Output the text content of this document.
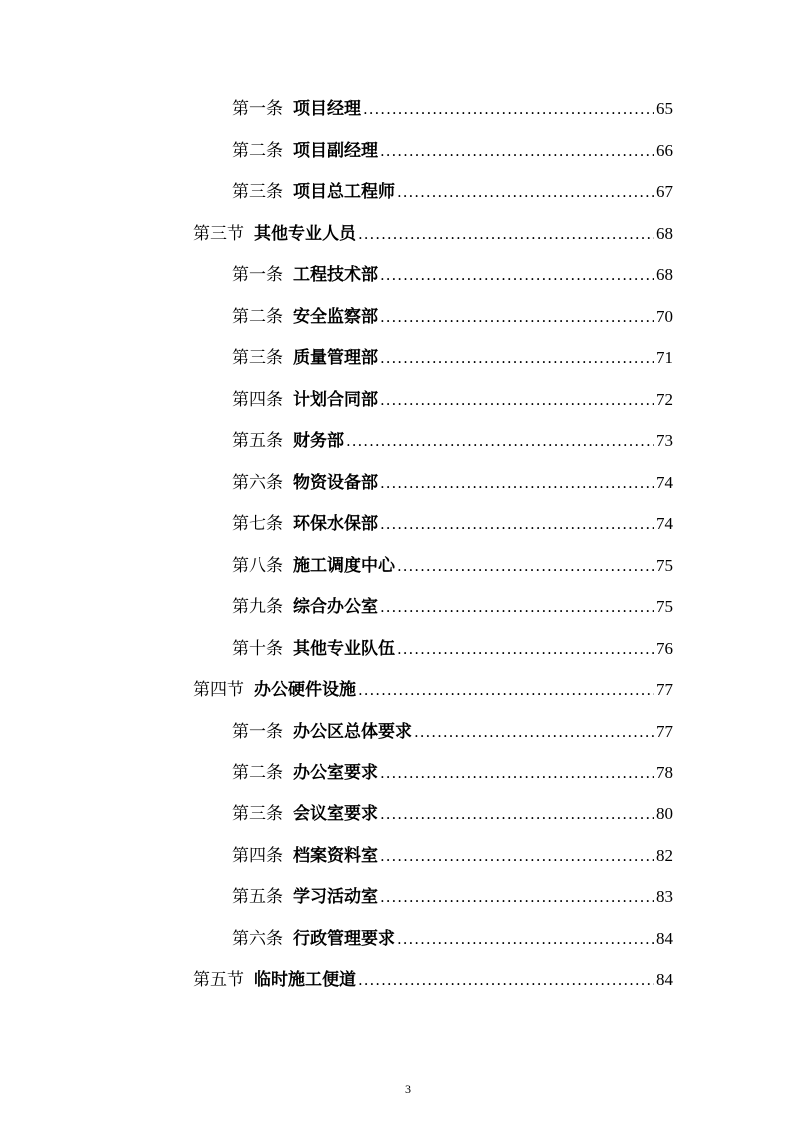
第一条 项目经理 .....	65
第二条 项目副经理 .....	66
第三条 项目总工程师 .....	67
第三节 其他专业人员 .....	68
第一条 工程技术部 .....	68
第二条 安全监察部 .....	70
第三条 质量管理部 .....	71
第四条 计划合同部 .....	72
第五条 财务部 .....	73
第六条 物资设备部 .....	74
第七条 环保水保部 .....	74
第八条 施工调度中心 .....	75
第九条 综合办公室 .....	75
第十条 其他专业队伍 .....	76
第四节 办公硬件设施 .....	77
第一条 办公区总体要求 .....	77
第二条 办公室要求 .....	78
第三条 会议室要求 .....	80
第四条 档案资料室 .....	82
第五条 学习活动室 .....	83
第六条 行政管理要求 .....	84
第五节 临时施工便道 .....	84
3
